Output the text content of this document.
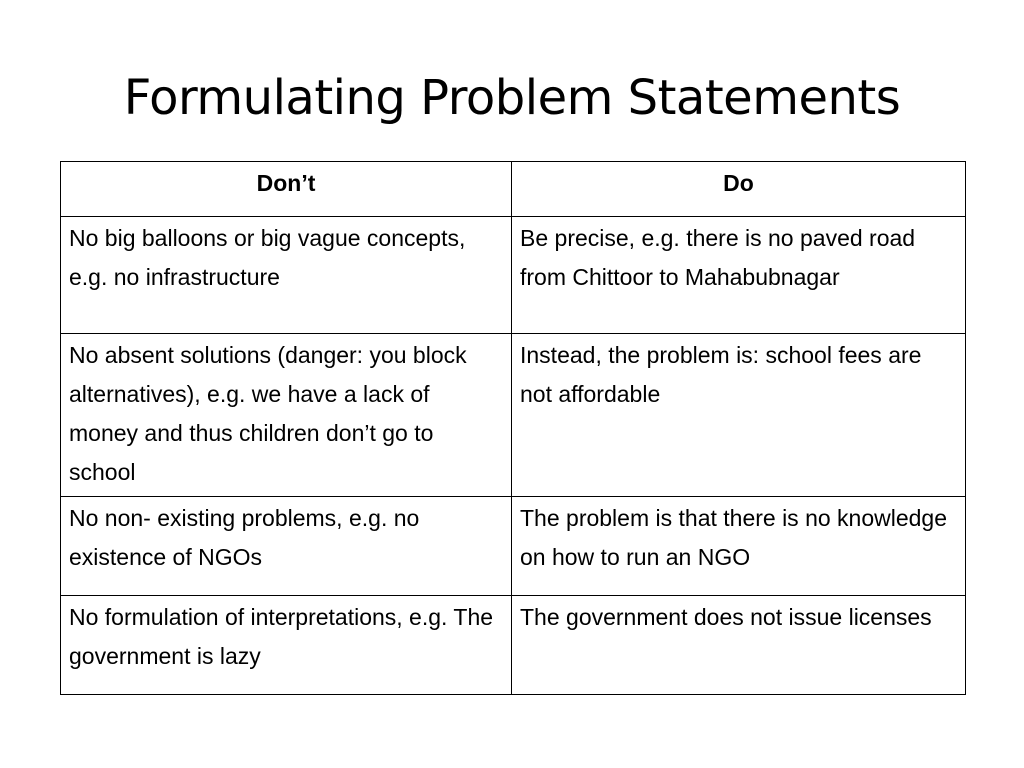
Formulating Problem Statements
Don’t	Do
No big balloons or big vague concepts, e.g. no infrastructure	Be precise, e.g. there is no paved road from Chittoor to Mahabubnagar
No absent solutions (danger: you block alternatives), e.g. we have a lack of money and thus children don’t go to school	Instead, the problem is: school fees are not affordable
No non- existing problems, e.g. no existence of NGOs	The problem is that there is no knowledge on how to run an NGO
No formulation of interpretations, e.g. The government is lazy	The government does not issue licenses
